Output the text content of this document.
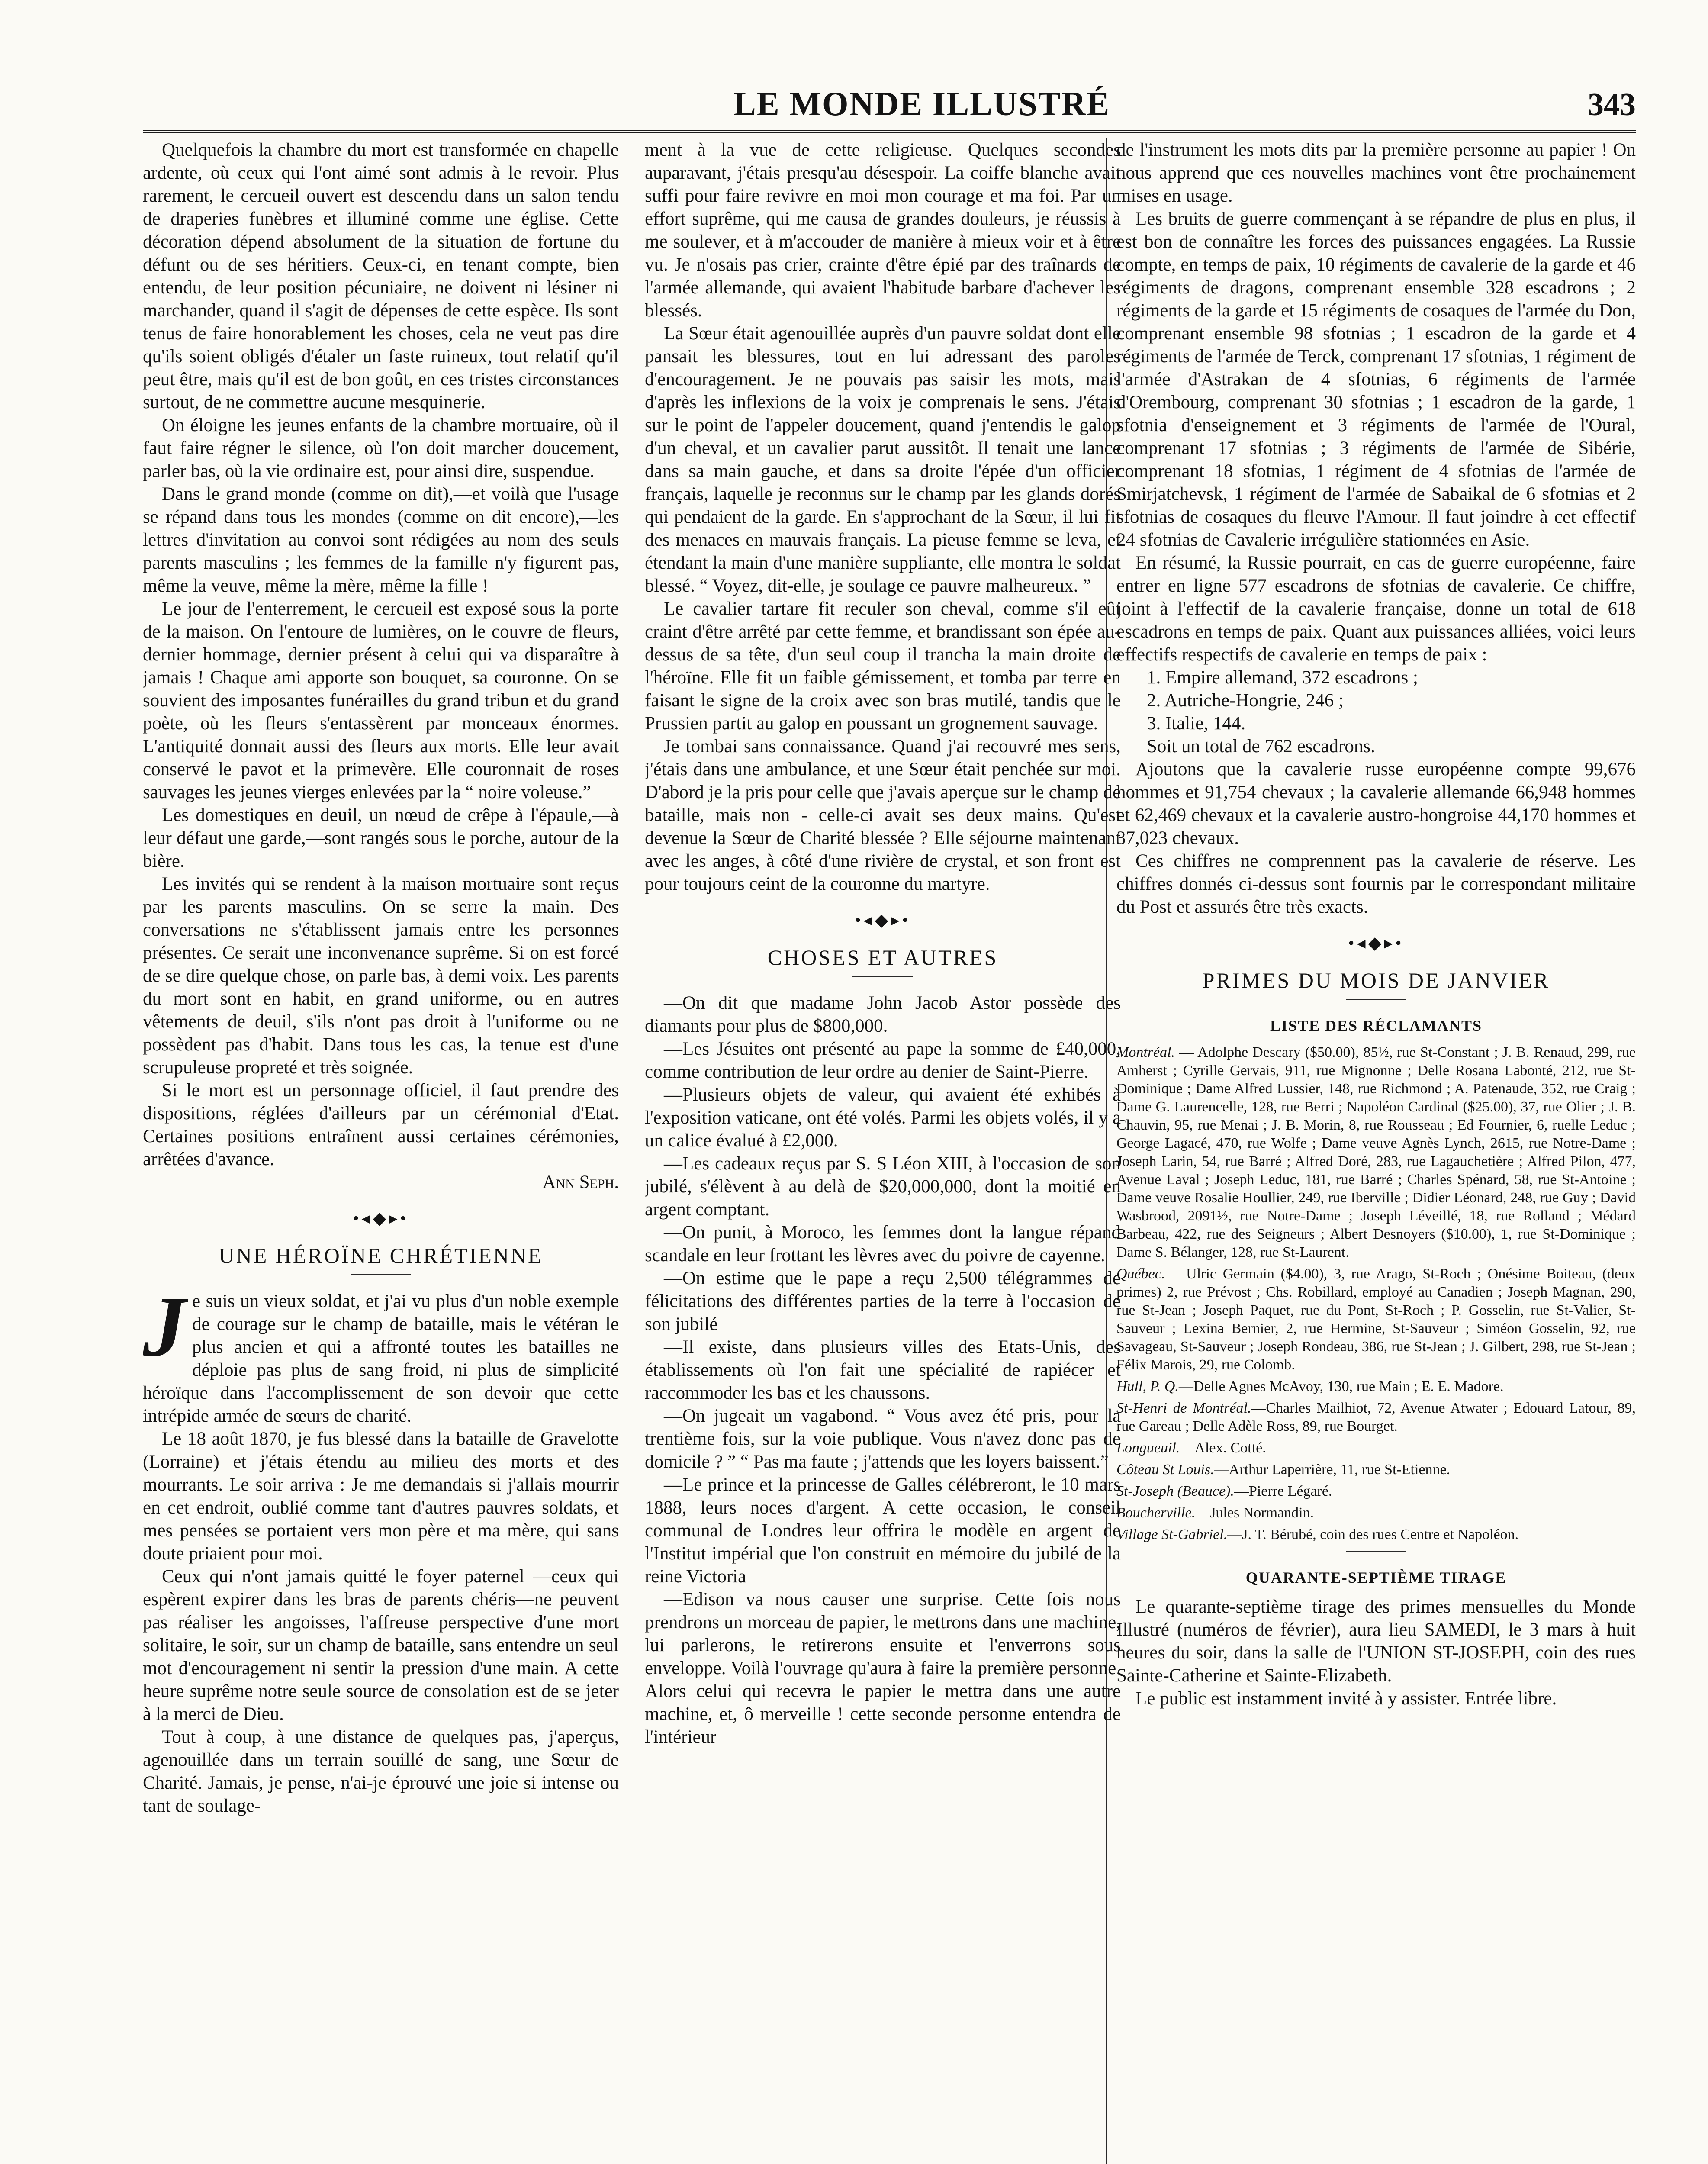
LE MONDE ILLUSTRÉ	343

Quelquefois la chambre du mort est transformée en chapelle ardente, où ceux qui l'ont aimé sont admis à le revoir. Plus rarement, le cercueil ouvert est descendu dans un salon tendu de draperies funèbres et illuminé comme une église. Cette décoration dépend absolument de la situation de fortune du défunt ou de ses héritiers. Ceux-ci, en tenant compte, bien entendu, de leur position pécuniaire, ne doivent ni lésiner ni marchander, quand il s'agit de dépenses de cette espèce. Ils sont tenus de faire honorablement les choses, cela ne veut pas dire qu'ils soient obligés d'étaler un faste ruineux, tout relatif qu'il peut être, mais qu'il est de bon goût, en ces tristes circonstances surtout, de ne commettre aucune mesquinerie.

On éloigne les jeunes enfants de la chambre mortuaire, où il faut faire régner le silence, où l'on doit marcher doucement, parler bas, où la vie ordinaire est, pour ainsi dire, suspendue.

Dans le grand monde (comme on dit),—et voilà que l'usage se répand dans tous les mondes (comme on dit encore),—les lettres d'invitation au convoi sont rédigées au nom des seuls parents masculins ; les femmes de la famille n'y figurent pas, même la veuve, même la mère, même la fille !

Le jour de l'enterrement, le cercueil est exposé sous la porte de la maison. On l'entoure de lumières, on le couvre de fleurs, dernier hommage, dernier présent à celui qui va disparaître à jamais ! Chaque ami apporte son bouquet, sa couronne. On se souvient des imposantes funérailles du grand tribun et du grand poète, où les fleurs s'entassèrent par monceaux énormes. L'antiquité donnait aussi des fleurs aux morts. Elle leur avait conservé le pavot et la primevère. Elle couronnait de roses sauvages les jeunes vierges enlevées par la “ noire voleuse.”

Les domestiques en deuil, un nœud de crêpe à l'épaule,—à leur défaut une garde,—sont rangés sous le porche, autour de la bière.

Les invités qui se rendent à la maison mortuaire sont reçus par les parents masculins. On se serre la main. Des conversations ne s'établissent jamais entre les personnes présentes. Ce serait une inconvenance suprême. Si on est forcé de se dire quelque chose, on parle bas, à demi voix. Les parents du mort sont en habit, en grand uniforme, ou en autres vêtements de deuil, s'ils n'ont pas droit à l'uniforme ou ne possèdent pas d'habit. Dans tous les cas, la tenue est d'une scrupuleuse propreté et très soignée.

Si le mort est un personnage officiel, il faut prendre des dispositions, réglées d'ailleurs par un cérémonial d'Etat. Certaines positions entraînent aussi certaines cérémonies, arrêtées d'avance.

Ann Seph.

•◂◆▸•
UNE HÉROÏNE CHRÉTIENNE

Je suis un vieux soldat, et j'ai vu plus d'un noble exemple de courage sur le champ de bataille, mais le vétéran le plus ancien et qui a affronté toutes les batailles ne déploie pas plus de sang froid, ni plus de simplicité héroïque dans l'accomplissement de son devoir que cette intrépide armée de sœurs de charité.

Le 18 août 1870, je fus blessé dans la bataille de Gravelotte (Lorraine) et j'étais étendu au milieu des morts et des mourrants. Le soir arriva : Je me demandais si j'allais mourrir en cet endroit, oublié comme tant d'autres pauvres soldats, et mes pensées se portaient vers mon père et ma mère, qui sans doute priaient pour moi.

Ceux qui n'ont jamais quitté le foyer paternel —ceux qui espèrent expirer dans les bras de parents chéris—ne peuvent pas réaliser les angoisses, l'affreuse perspective d'une mort solitaire, le soir, sur un champ de bataille, sans entendre un seul mot d'encouragement ni sentir la pression d'une main. A cette heure suprême notre seule source de consolation est de se jeter à la merci de Dieu.

Tout à coup, à une distance de quelques pas, j'aperçus, agenouillée dans un terrain souillé de sang, une Sœur de Charité. Jamais, je pense, n'ai-je éprouvé une joie si intense ou tant de soulage-

ment à la vue de cette religieuse. Quelques secondes auparavant, j'étais presqu'au désespoir. La coiffe blanche avait suffi pour faire revivre en moi mon courage et ma foi. Par un effort suprême, qui me causa de grandes douleurs, je réussis à me soulever, et à m'accouder de manière à mieux voir et à être vu. Je n'osais pas crier, crainte d'être épié par des traînards de l'armée allemande, qui avaient l'habitude barbare d'achever les blessés.

La Sœur était agenouillée auprès d'un pauvre soldat dont elle pansait les blessures, tout en lui adressant des paroles d'encouragement. Je ne pouvais pas saisir les mots, mais d'après les inflexions de la voix je comprenais le sens. J'étais sur le point de l'appeler doucement, quand j'entendis le galop d'un cheval, et un cavalier parut aussitôt. Il tenait une lance dans sa main gauche, et dans sa droite l'épée d'un officier français, laquelle je reconnus sur le champ par les glands dorés qui pendaient de la garde. En s'approchant de la Sœur, il lui fit des menaces en mauvais français. La pieuse femme se leva, et étendant la main d'une manière suppliante, elle montra le soldat blessé. “ Voyez, dit-elle, je soulage ce pauvre malheureux. ”

Le cavalier tartare fit reculer son cheval, comme s'il eût craint d'être arrêté par cette femme, et brandissant son épée au-dessus de sa tête, d'un seul coup il trancha la main droite de l'héroïne. Elle fit un faible gémissement, et tomba par terre en faisant le signe de la croix avec son bras mutilé, tandis que le Prussien partit au galop en poussant un grognement sauvage.

Je tombai sans connaissance. Quand j'ai recouvré mes sens, j'étais dans une ambulance, et une Sœur était penchée sur moi. D'abord je la pris pour celle que j'avais aperçue sur le champ de bataille, mais non - celle-ci avait ses deux mains. Qu'est devenue la Sœur de Charité blessée ? Elle séjourne maintenant avec les anges, à côté d'une rivière de crystal, et son front est pour toujours ceint de la couronne du martyre.

•◂◆▸•
CHOSES ET AUTRES

—On dit que madame John Jacob Astor possède des diamants pour plus de $800,000.

—Les Jésuites ont présenté au pape la somme de £40,000, comme contribution de leur ordre au denier de Saint-Pierre.

—Plusieurs objets de valeur, qui avaient été exhibés à l'exposition vaticane, ont été volés. Parmi les objets volés, il y a un calice évalué à £2,000.

—Les cadeaux reçus par S. S Léon XIII, à l'occasion de son jubilé, s'élèvent à au delà de $20,000,000, dont la moitié en argent comptant.

—On punit, à Moroco, les femmes dont la langue répand scandale en leur frottant les lèvres avec du poivre de cayenne.

—On estime que le pape a reçu 2,500 télégrammes de félicitations des différentes parties de la terre à l'occasion de son jubilé

—Il existe, dans plusieurs villes des Etats-Unis, des établissements où l'on fait une spécialité de rapiécer et raccommoder les bas et les chaussons.

—On jugeait un vagabond. “ Vous avez été pris, pour la trentième fois, sur la voie publique. Vous n'avez donc pas de domicile ? ” “ Pas ma faute ; j'attends que les loyers baissent.”

—Le prince et la princesse de Galles célébreront, le 10 mars 1888, leurs noces d'argent. A cette occasion, le conseil communal de Londres leur offrira le modèle en argent de l'Institut impérial que l'on construit en mémoire du jubilé de la reine Victoria

—Edison va nous causer une surprise. Cette fois nous prendrons un morceau de papier, le mettrons dans une machine, lui parlerons, le retirerons ensuite et l'enverrons sous enveloppe. Voilà l'ouvrage qu'aura à faire la première personne. Alors celui qui recevra le papier le mettra dans une autre machine, et, ô merveille ! cette seconde personne entendra de l'intérieur

de l'instrument les mots dits par la première personne au papier ! On nous apprend que ces nouvelles machines vont être prochainement mises en usage.

Les bruits de guerre commençant à se répandre de plus en plus, il est bon de connaître les forces des puissances engagées. La Russie compte, en temps de paix, 10 régiments de cavalerie de la garde et 46 régiments de dragons, comprenant ensemble 328 escadrons ; 2 régiments de la garde et 15 régiments de cosaques de l'armée du Don, comprenant ensemble 98 sfotnias ; 1 escadron de la garde et 4 régiments de l'armée de Terck, comprenant 17 sfotnias, 1 régiment de l'armée d'Astrakan de 4 sfotnias, 6 régiments de l'armée d'Orembourg, comprenant 30 sfotnias ; 1 escadron de la garde, 1 sfotnia d'enseignement et 3 régiments de l'armée de l'Oural, comprenant 17 sfotnias ; 3 régiments de l'armée de Sibérie, comprenant 18 sfotnias, 1 régiment de 4 sfotnias de l'armée de Smirjatchevsk, 1 régiment de l'armée de Sabaikal de 6 sfotnias et 2 sfotnias de cosaques du fleuve l'Amour. Il faut joindre à cet effectif 24 sfotnias de Cavalerie irrégulière stationnées en Asie.

En résumé, la Russie pourrait, en cas de guerre européenne, faire entrer en ligne 577 escadrons de sfotnias de cavalerie. Ce chiffre, joint à l'effectif de la cavalerie française, donne un total de 618 escadrons en temps de paix. Quant aux puissances alliées, voici leurs effectifs respectifs de cavalerie en temps de paix :

1. Empire allemand, 372 escadrons ;

2. Autriche-Hongrie, 246 ;

3. Italie, 144.

Soit un total de 762 escadrons.

Ajoutons que la cavalerie russe européenne compte 99,676 hommes et 91,754 chevaux ; la cavalerie allemande 66,948 hommes et 62,469 chevaux et la cavalerie austro-hongroise 44,170 hommes et 37,023 chevaux.

Ces chiffres ne comprennent pas la cavalerie de réserve. Les chiffres donnés ci-dessus sont fournis par le correspondant militaire du Post et assurés être très exacts.

•◂◆▸•
PRIMES DU MOIS DE JANVIER
LISTE DES RÉCLAMANTS

Montréal. — Adolphe Descary ($50.00), 85½, rue St-Constant ; J. B. Renaud, 299, rue Amherst ; Cyrille Gervais, 911, rue Mignonne ; Delle Rosana Labonté, 212, rue St-Dominique ; Dame Alfred Lussier, 148, rue Richmond ; A. Patenaude, 352, rue Craig ; Dame G. Laurencelle, 128, rue Berri ; Napoléon Cardinal ($25.00), 37, rue Olier ; J. B. Chauvin, 95, rue Menai ; J. B. Morin, 8, rue Rousseau ; Ed Fournier, 6, ruelle Leduc ; George Lagacé, 470, rue Wolfe ; Dame veuve Agnès Lynch, 2615, rue Notre-Dame ; Joseph Larin, 54, rue Barré ; Alfred Doré, 283, rue Lagauchetière ; Alfred Pilon, 477, Avenue Laval ; Joseph Leduc, 181, rue Barré ; Charles Spénard, 58, rue St-Antoine ; Dame veuve Rosalie Houllier, 249, rue Iberville ; Didier Léonard, 248, rue Guy ; David Wasbrood, 2091½, rue Notre-Dame ; Joseph Léveillé, 18, rue Rolland ; Médard Barbeau, 422, rue des Seigneurs ; Albert Desnoyers ($10.00), 1, rue St-Dominique ; Dame S. Bélanger, 128, rue St-Laurent.

Québec.— Ulric Germain ($4.00), 3, rue Arago, St-Roch ; Onésime Boiteau, (deux primes) 2, rue Prévost ; Chs. Robillard, employé au Canadien ; Joseph Magnan, 290, rue St-Jean ; Joseph Paquet, rue du Pont, St-Roch ; P. Gosselin, rue St-Valier, St-Sauveur ; Lexina Bernier, 2, rue Hermine, St-Sauveur ; Siméon Gosselin, 92, rue Savageau, St-Sauveur ; Joseph Rondeau, 386, rue St-Jean ; J. Gilbert, 298, rue St-Jean ; Félix Marois, 29, rue Colomb.

Hull, P. Q.—Delle Agnes McAvoy, 130, rue Main ; E. E. Madore.

St-Henri de Montréal.—Charles Mailhiot, 72, Avenue Atwater ; Edouard Latour, 89, rue Gareau ; Delle Adèle Ross, 89, rue Bourget.

Longueuil.—Alex. Cotté.

Côteau St Louis.—Arthur Laperrière, 11, rue St-Etienne.

St-Joseph (Beauce).—Pierre Légaré.

Boucherville.—Jules Normandin.

Village St-Gabriel.—J. T. Bérubé, coin des rues Centre et Napoléon.

QUARANTE-SEPTIÈME TIRAGE

Le quarante-septième tirage des primes mensuelles du Monde Illustré (numéros de février), aura lieu SAMEDI, le 3 mars à huit heures du soir, dans la salle de l'UNION ST-JOSEPH, coin des rues Sainte-Catherine et Sainte-Elizabeth.

Le public est instamment invité à y assister. Entrée libre.
